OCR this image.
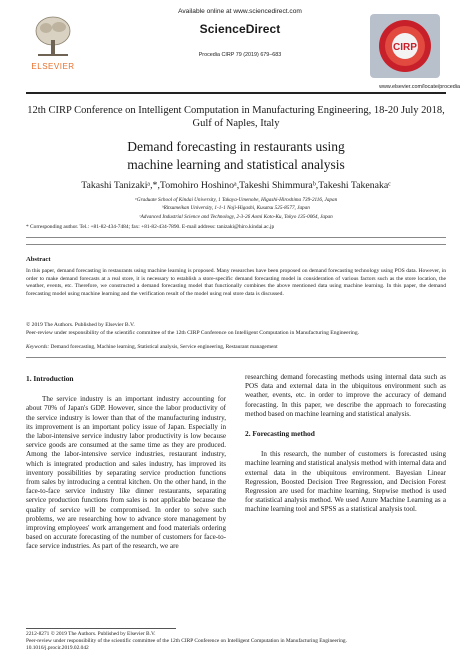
ELSEVIER
Available online at www.sciencedirect.com
ScienceDirect
Procedia CIRP 79 (2019) 679–683
CIRP
www.elsevier.com/locate/procedia
12th CIRP Conference on Intelligent Computation in Manufacturing Engineering, 18-20 July 2018,
Gulf of Naples, Italy
Demand forecasting in restaurants using
machine learning and statistical analysis
Takashi Tanizakiᵃ,*,Tomohiro Hoshinoᵃ,Takeshi Shimmuraᵇ,Takeshi Takenakaᶜ
ᵃGraduate School of Kindai University, 1 Takaya-Umenobe, Higashi-Hiroshima 739-2116, Japan
ᵇRitsumeikan University, 1-1-1 Noji-Higashi, Kusatsu 525-8577, Japan
ᶜAdvanced Industrial Science and Technology, 2-3-26 Aomi Koto-Ku, Tokyo 135-0064, Japan
* Corresponding author. Tel.: +81-82-434-7484; fax: +81-82-434-7890. E-mail address: tanizaki@hiro.kindai.ac.jp
Abstract
In this paper, demand forecasting in restaurants using machine learning is proposed. Many researches have been proposed on demand forecasting technology using POS data. However, in order to make demand forecasts at a real store, it is necessary to establish a store-specific demand forecasting model in consideration of various factors such as the store location, the weather, events, etc. Therefore, we constructed a demand forecasting model that functionally combines the above mentioned data using machine learning. In this paper, the demand forecasting model using machine learning and the verification result of the model using real store data is discussed.
© 2019 The Authors. Published by Elsevier B.V.
Peer-review under responsibility of the scientific committee of the 12th CIRP Conference on Intelligent Computation in Manufacturing Engineering.
Keywords: Demand forecasting, Machine learning, Statistical analysis, Service engineering, Restaurant management
1. Introduction

The service industry is an important industry accounting for about 70% of Japan's GDP. However, since the labor productivity of the service industry is lower than that of the manufacturing industry, its improvement is an important policy issue of Japan. Especially in the labor-intensive service industry labor productivity is low because service goods are consumed at the same time as they are produced. Among the labor-intensive service industries, restaurant industry, which is integrated production and sales industry, has improved its inventory possibilities by separating service production functions from sales by introducing a central kitchen. On the other hand, in the face-to-face service industry like dinner restaurants, separating service production functions from sales is not applicable because the quality of service will be compromised. In order to solve such problems, we are researching how to advance store management by improving employees' work arrangement and food materials ordering based on accurate forecasting of the number of customers for face-to-face service industries. As part of the research, we are

researching demand forecasting methods using internal data such as POS data and external data in the ubiquitous environment such as weather, events, etc. in order to improve the accuracy of demand forecasting. In this paper, we describe the approach to forecasting method based on machine learning and statistical analysis.

2. Forecasting method

In this research, the number of customers is forecasted using machine learning and statistical analysis method with internal data and external data in the ubiquitous environment. Bayesian Linear Regression, Boosted Decision Tree Regression, and Decision Forest Regression are used for machine learning, Stepwise method is used for statistical analysis method. We used Azure Machine Learning as a machine learning tool and SPSS as a statistical analysis tool.

2212-8271 © 2019 The Authors. Published by Elsevier B.V.
Peer-review under responsibility of the scientific committee of the 12th CIRP Conference on Intelligent Computation in Manufacturing Engineering.
10.1016/j.procir.2019.02.042
